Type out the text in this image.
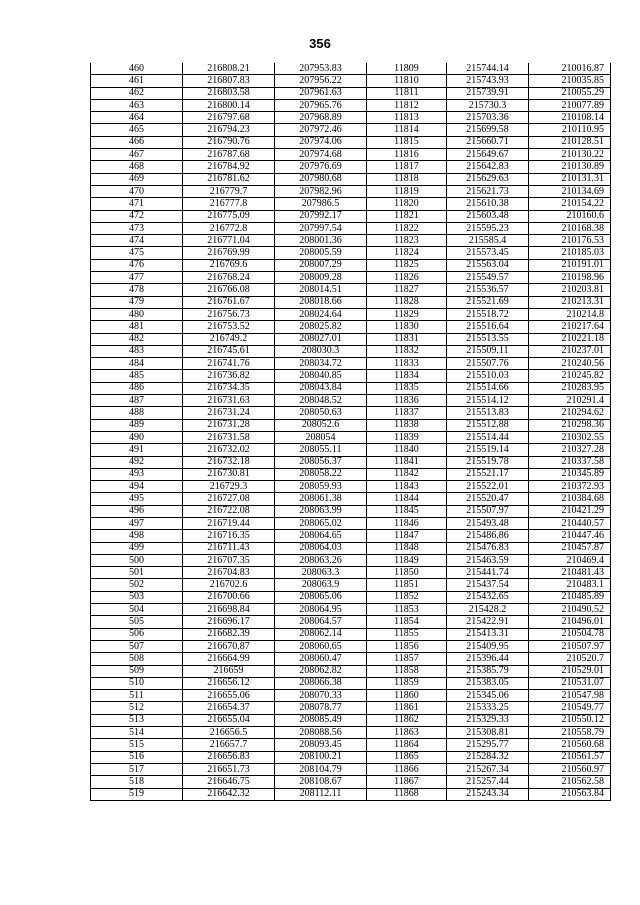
356
460	216808.21	207953.83	11809	215744.14	210016.87
461	216807.83	207956.22	11810	215743.93	210035.85
462	216803.58	207961.63	11811	215739.91	210055.29
463	216800.14	207965.76	11812	215730.3	210077.89
464	216797.68	207968.89	11813	215703.36	210108.14
465	216794.23	207972.46	11814	215699.58	210110.95
466	216790.76	207974.06	11815	215660.71	210128.51
467	216787.68	207974.68	11816	215649.67	210130.22
468	216784.92	207976.69	11817	215642.83	210130.89
469	216781.62	207980.68	11818	215629.63	210131.31
470	216779.7	207982.96	11819	215621.73	210134.69
471	216777.8	207986.5	11820	215610.38	210154.22
472	216775.09	207992.17	11821	215603.48	210160.6
473	216772.8	207997.54	11822	215595.23	210168.38
474	216771.04	208001.36	11823	215585.4	210176.53
475	216769.99	208005.59	11824	215573.45	210185.03
476	216769.6	208007.29	11825	215563.04	210191.01
477	216768.24	208009.28	11826	215549.57	210198.96
478	216766.08	208014.51	11827	215536.57	210203.81
479	216761.67	208018.66	11828	215521.69	210213.31
480	216756.73	208024.64	11829	215518.72	210214.8
481	216753.52	208025.82	11830	215516.64	210217.64
482	216749.2	208027.01	11831	215513.55	210221.18
483	216745.61	208030.3	11832	215509.11	210237.01
484	216741.76	208034.72	11833	215507.76	210240.56
485	216736.82	208040.85	11834	215510.03	210245.82
486	216734.35	208043.84	11835	215514.66	210283.95
487	216731.63	208048.52	11836	215514.12	210291.4
488	216731.24	208050.63	11837	215513.83	210294.62
489	216731.28	208052.6	11838	215512.88	210298.36
490	216731.58	208054	11839	215514.44	210302.55
491	216732.02	208055.11	11840	215519.14	210327.28
492	216732.18	208056.37	11841	215519.78	210337.58
493	216730.81	208058.22	11842	215521.17	210345.89
494	216729.3	208059.93	11843	215522.01	210372.93
495	216727.08	208061.38	11844	215520.47	210384.68
496	216722.08	208063.99	11845	215507.97	210421.29
497	216719.44	208065.02	11846	215493.48	210440.57
498	216716.35	208064.65	11847	215486.86	210447.46
499	216711.43	208064.03	11848	215476.83	210457.87
500	216707.35	208063.26	11849	215463.59	210469.4
501	216704.83	208063.3	11850	215441.74	210481.43
502	216702.6	208063.9	11851	215437.54	210483.1
503	216700.66	208065.06	11852	215432.65	210485.89
504	216698.84	208064.95	11853	215428.2	210490.52
505	216696.17	208064.57	11854	215422.91	210496.01
506	216682.39	208062.14	11855	215413.31	210504.78
507	216670.87	208060.65	11856	215409.95	210507.97
508	216664.99	208060.47	11857	215396.44	210520.7
509	216659	208062.82	11858	215385.79	210529.01
510	216656.12	208066.38	11859	215383.05	210531.07
511	216655.06	208070.33	11860	215345.06	210547.98
512	216654.37	208078.77	11861	215333.25	210549.77
513	216655.04	208085.49	11862	215329.33	210550.12
514	216656.5	208088.56	11863	215308.81	210558.79
515	216657.7	208093.45	11864	215295.77	210560.68
516	216656.83	208100.21	11865	215284.32	210561.57
517	216651.73	208104.79	11866	215267.34	210560.97
518	216646.75	208108.67	11867	215257.44	210562.58
519	216642.32	208112.11	11868	215243.34	210563.84
